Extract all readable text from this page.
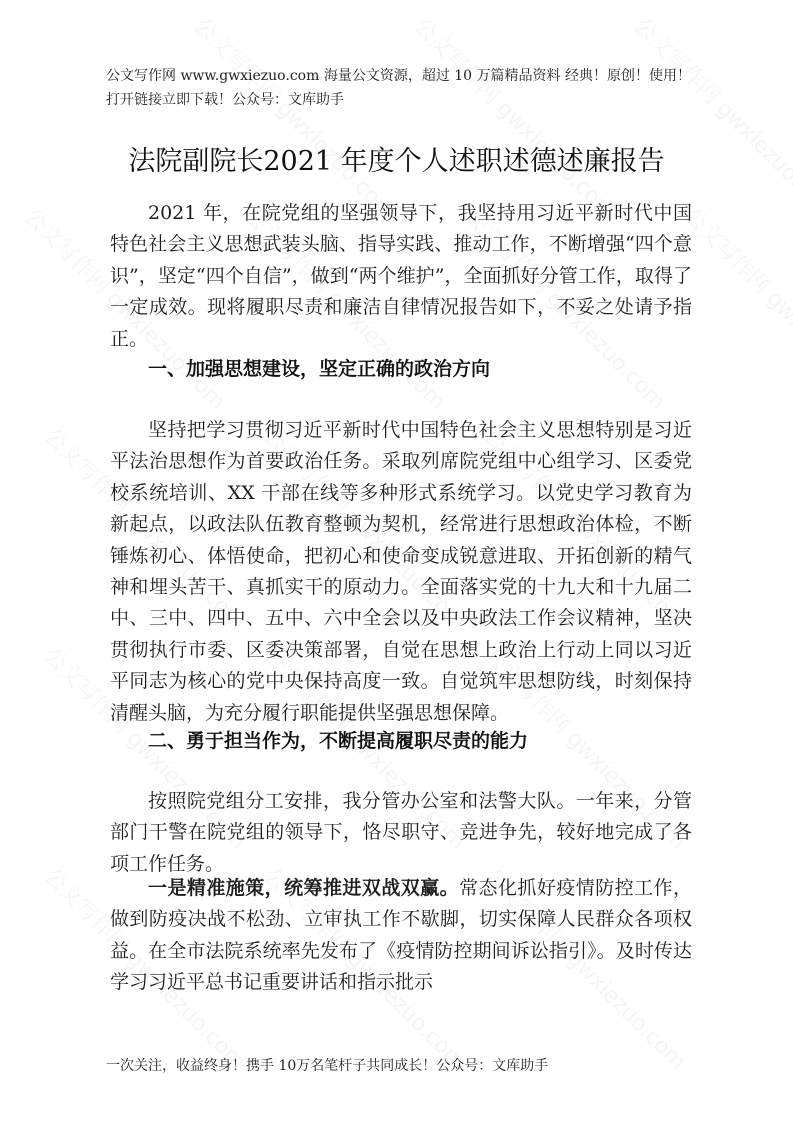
公文写作网 www.gwxiezuo.com 海量公文资源，超过 10 万篇精品资料 经典！原创！使用！打开链接立即下载！公众号：文库助手
法院副院长2021 年度个人述职述德述廉报告

2021 年，在院党组的坚强领导下，我坚持用习近平新时代中国特色社会主义思想武装头脑、指导实践、推动工作，不断增强“四个意识”，坚定“四个自信”，做到“两个维护”，全面抓好分管工作，取得了一定成效。现将履职尽责和廉洁自律情况报告如下，不妥之处请予指正。

一、加强思想建设，坚定正确的政治方向

坚持把学习贯彻习近平新时代中国特色社会主义思想特别是习近平法治思想作为首要政治任务。采取列席院党组中心组学习、区委党校系统培训、XX 干部在线等多种形式系统学习。以党史学习教育为新起点，以政法队伍教育整顿为契机，经常进行思想政治体检，不断锤炼初心、体悟使命，把初心和使命变成锐意进取、开拓创新的精气神和埋头苦干、真抓实干的原动力。全面落实党的十九大和十九届二中、三中、四中、五中、六中全会以及中央政法工作会议精神，坚决贯彻执行市委、区委决策部署，自觉在思想上政治上行动上同以习近平同志为核心的党中央保持高度一致。自觉筑牢思想防线，时刻保持清醒头脑，为充分履行职能提供坚强思想保障。

二、勇于担当作为，不断提高履职尽责的能力

按照院党组分工安排，我分管办公室和法警大队。一年来，分管部门干警在院党组的领导下，恪尽职守、竞进争先，较好地完成了各项工作任务。

一是精准施策，统筹推进双战双赢。常态化抓好疫情防控工作，做到防疫决战不松劲、立审执工作不歇脚，切实保障人民群众各项权益。在全市法院系统率先发布了《疫情防控期间诉讼指引》。及时传达学习习近平总书记重要讲话和指示批示

一次关注，收益终身！携手 10万名笔杆子共同成长！公众号：文库助手
